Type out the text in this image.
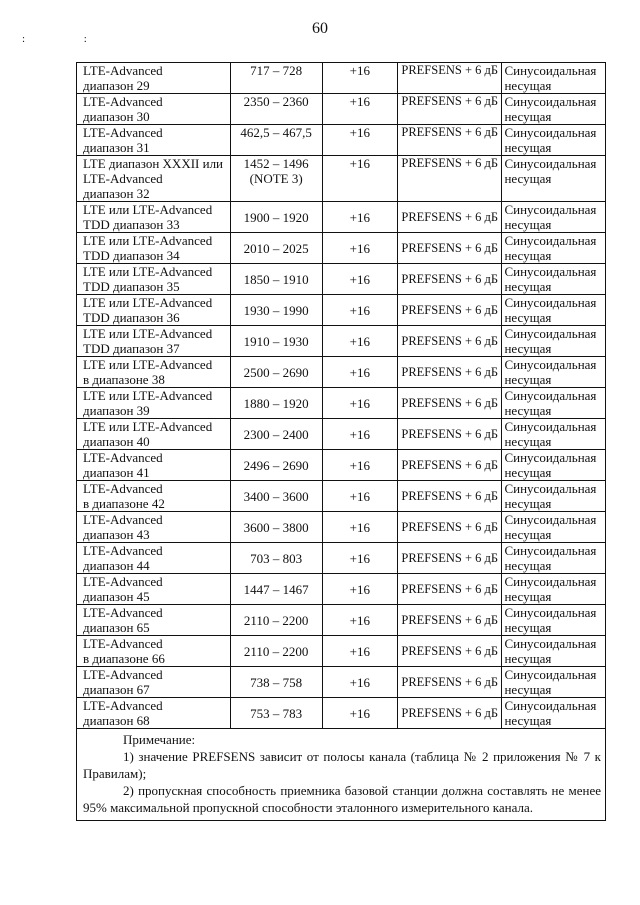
60
: :
LTE-Advanced
диапазон 29	717 – 728	+16	PREFSENS + 6 дБ	Синусоидальная
несущая
LTE-Advanced
диапазон 30	2350 – 2360	+16	PREFSENS + 6 дБ	Синусоидальная
несущая
LTE-Advanced
диапазон 31	462,5 – 467,5	+16	PREFSENS + 6 дБ	Синусоидальная
несущая
LTE диапазон XXXII или
LTE-Advanced
диапазон 32	1452 – 1496
(NOTE 3)	+16	PREFSENS + 6 дБ	Синусоидальная
несущая
LTE или LTE-Advanced
TDD диапазон 33	1900 – 1920	+16	PREFSENS + 6 дБ	Синусоидальная
несущая
LTE или LTE-Advanced
TDD диапазон 34	2010 – 2025	+16	PREFSENS + 6 дБ	Синусоидальная
несущая
LTE или LTE-Advanced
TDD диапазон 35	1850 – 1910	+16	PREFSENS + 6 дБ	Синусоидальная
несущая
LTE или LTE-Advanced
TDD диапазон 36	1930 – 1990	+16	PREFSENS + 6 дБ	Синусоидальная
несущая
LTE или LTE-Advanced
TDD диапазон 37	1910 – 1930	+16	PREFSENS + 6 дБ	Синусоидальная
несущая
LTE или LTE-Advanced
в диапазоне 38	2500 – 2690	+16	PREFSENS + 6 дБ	Синусоидальная
несущая
LTE или LTE-Advanced
диапазон 39	1880 – 1920	+16	PREFSENS + 6 дБ	Синусоидальная
несущая
LTE или LTE-Advanced
диапазон 40	2300 – 2400	+16	PREFSENS + 6 дБ	Синусоидальная
несущая
LTE-Advanced
диапазон 41	2496 – 2690	+16	PREFSENS + 6 дБ	Синусоидальная
несущая
LTE-Advanced
в диапазоне 42	3400 – 3600	+16	PREFSENS + 6 дБ	Синусоидальная
несущая
LTE-Advanced
диапазон 43	3600 – 3800	+16	PREFSENS + 6 дБ	Синусоидальная
несущая
LTE-Advanced
диапазон 44	703 – 803	+16	PREFSENS + 6 дБ	Синусоидальная
несущая
LTE-Advanced
диапазон 45	1447 – 1467	+16	PREFSENS + 6 дБ	Синусоидальная
несущая
LTE-Advanced
диапазон 65	2110 – 2200	+16	PREFSENS + 6 дБ	Синусоидальная
несущая
LTE-Advanced
в диапазоне 66	2110 – 2200	+16	PREFSENS + 6 дБ	Синусоидальная
несущая
LTE-Advanced
диапазон 67	738 – 758	+16	PREFSENS + 6 дБ	Синусоидальная
несущая
LTE-Advanced
диапазон 68	753 – 783	+16	PREFSENS + 6 дБ	Синусоидальная
несущая

Примечание:
1) значение PREFSENS зависит от полосы канала (таблица № 2 приложения № 7 к Правилам);
2) пропускная способность приемника базовой станции должна составлять не менее 95% максимальной пропускной способности эталонного измерительного канала.				
